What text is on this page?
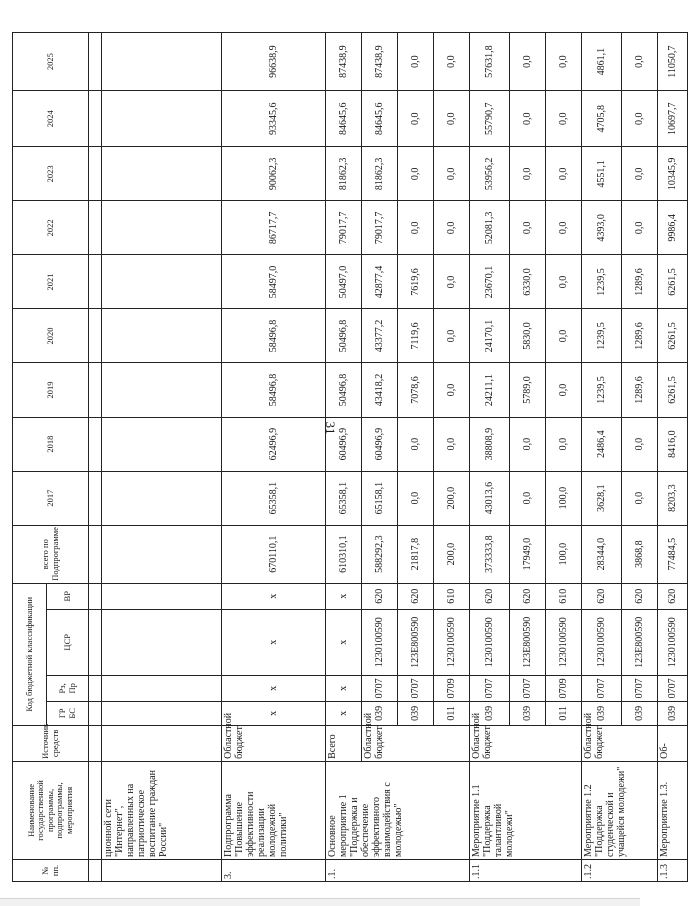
31
№ пп.	Наименование государственной программы, подпрограммы, мероприятия	Источник средств	Код бюджетной классификации				всего по Подпрограмме	2017	2018	2019	2020	2021	2022	2023	2024	2025
			ГР БС	Рз, Пр	ЦСР	ВР										

	ционной сети "Интернет", направленных на патриотическое воспитание граждан России"															
3.	Подпрограмма "Повышение эффективности реализации молодежной политики"	Областной бюджет	х	х	х	х	670110,1	65358,1	62496,9	58496,8	58496,8	58497,0	86717,7	90062,3	93345,6	96638,9
.1.	Основное мероприятие 1 "Поддержка и обеспечение эффективного взаимодействия с молодежью"	Всего	х	х	х	х	610310,1	65358,1	60496,9	50496,8	50496,8	50497,0	79017,7	81862,3	84645,6	87438,9
		Областной бюджет	039	0707	1230100590	620	588292,3	65158,1	60496,9	43418,2	43377,2	42877,4	79017,7	81862,3	84645,6	87438,9
			039	0707	123E800590	620	21817,8	0,0	0,0	7078,6	7119,6	7619,6	0,0	0,0	0,0	0,0
			011	0709	1230100590	610	200,0	200,0	0,0	0,0	0,0	0,0	0,0	0,0	0,0	0,0
.1.1	Мероприятие 1.1 "Поддержка талантливой молодежи"	Областной бюджет	039	0707	1230100590	620	373333,8	43013,6	38808,9	24211,1	24170,1	23670,1	52081,3	53956,2	55790,7	57631,8
			039	0707	123E800590	620	17949,0	0,0	0,0	5789,0	5830,0	6330,0	0,0	0,0	0,0	0,0
			011	0709	1230100590	610	100,0	100,0	0,0	0,0	0,0	0,0	0,0	0,0	0,0	0,0
.1.2	Мероприятие 1.2 "Поддержка студенческой и учащейся молодежи"	Областной бюджет	039	0707	1230100590	620	28344,0	3628,1	2486,4	1239,5	1239,5	1239,5	4393,0	4551,1	4705,8	4861,1
			039	0707	123E800590	620	3868,8	0,0	0,0	1289,6	1289,6	1289,6	0,0	0,0	0,0	0,0
.1.3	Мероприятие 1.3.	Об-	039	0707	1230100590	620	77484,5	8203,3	8416,0	6261,5	6261,5	6261,5	9986,4	10345,9	10697,7	11050,7
